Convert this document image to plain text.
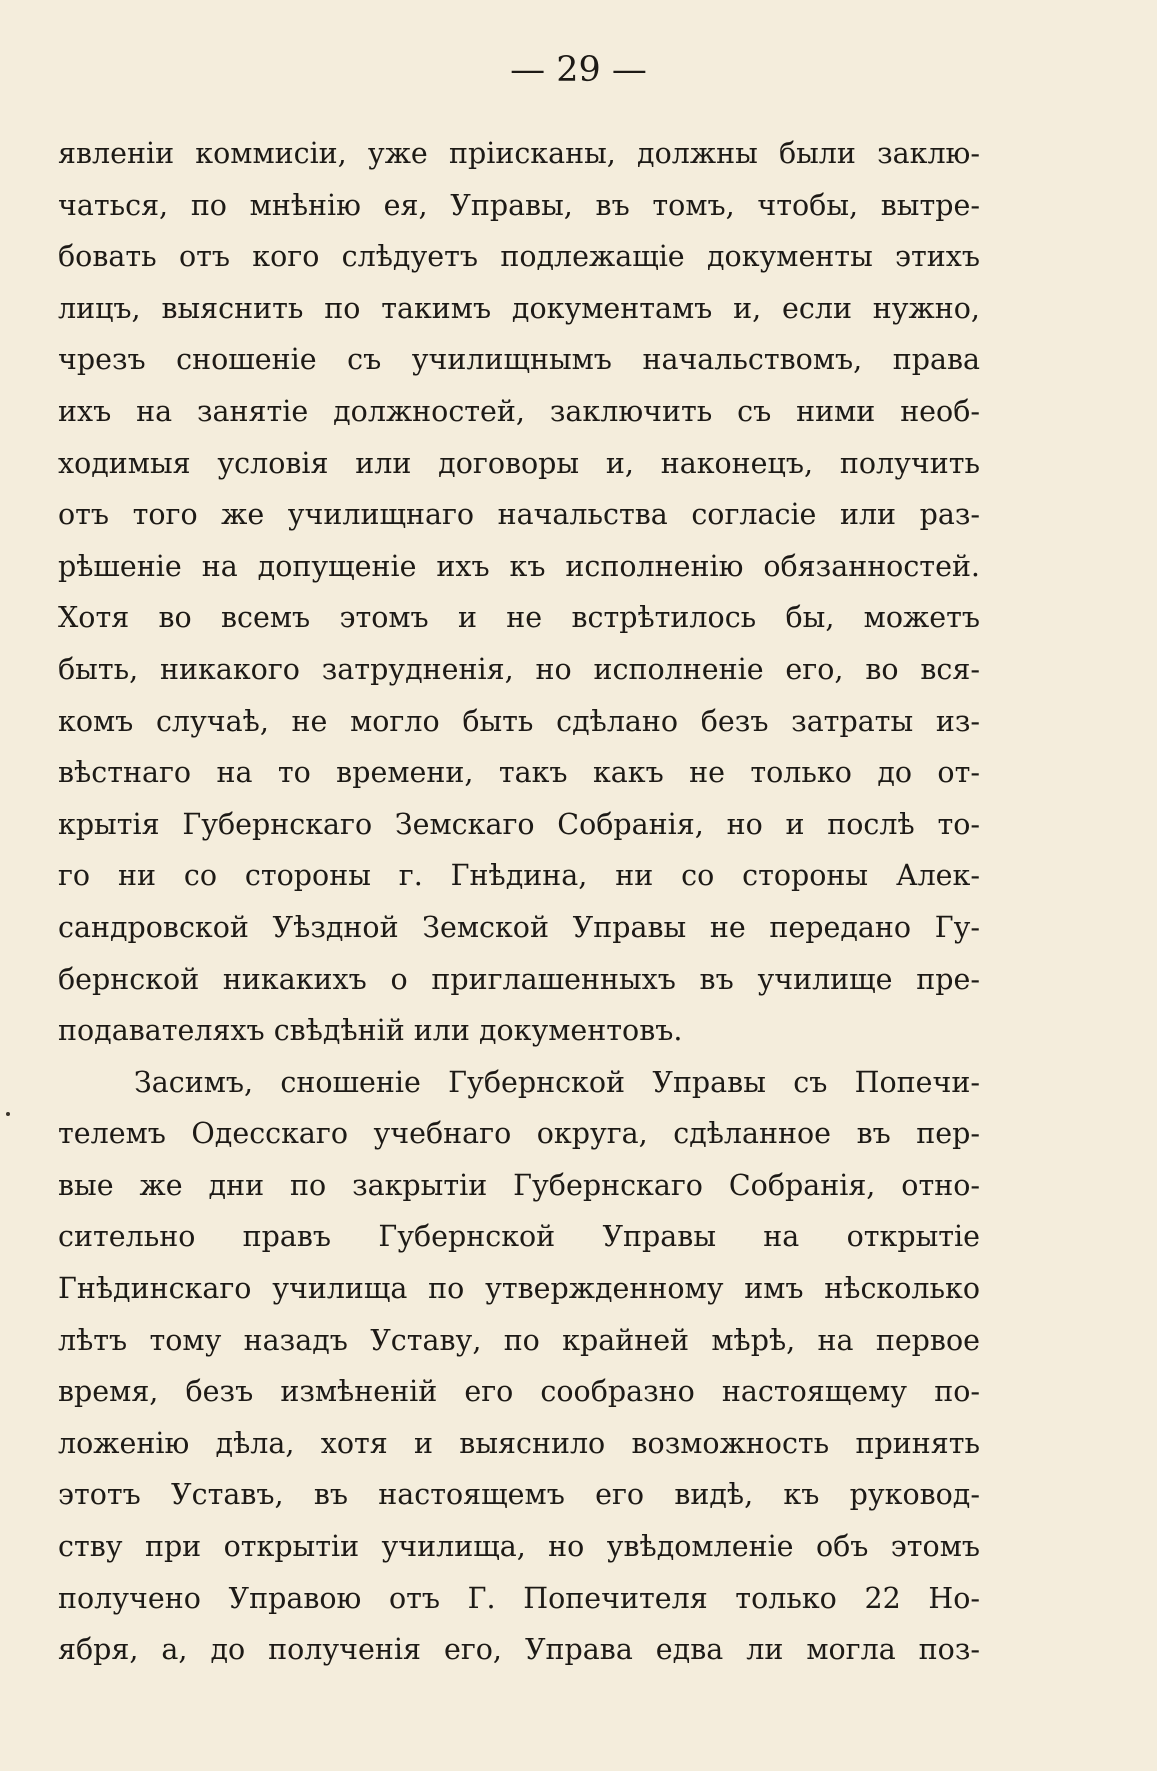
— 29 —
явленіи коммисіи, уже пріисканы, должны были заклю-
чаться, по мнѣнію ея, Управы, въ томъ, чтобы, вытре-
бовать отъ кого слѣдуетъ подлежащіе документы этихъ
лицъ, выяснить по такимъ документамъ и, если нужно,
чрезъ сношеніе съ училищнымъ начальствомъ, права
ихъ на занятіе должностей, заключить съ ними необ-
ходимыя условія или договоры и, наконецъ, получить
отъ того же училищнаго начальства согласіе или раз-
рѣшеніе на допущеніе ихъ къ исполненію обязанностей.
Хотя во всемъ этомъ и не встрѣтилось бы, можетъ
быть, никакого затрудненія, но исполненіе его, во вся-
комъ случаѣ, не могло быть сдѣлано безъ затраты из-
вѣстнаго на то времени, такъ какъ не только до от-
крытія Губернскаго Земскаго Собранія, но и послѣ то-
го ни со стороны г. Гнѣдина, ни со стороны Алек-
сандровской Уѣздной Земской Управы не передано Гу-
бернской никакихъ о приглашенныхъ въ училище пре-
подавателяхъ свѣдѣній или документовъ.
Засимъ, сношеніе Губернской Управы съ Попечи-
телемъ Одесскаго учебнаго округа, сдѣланное въ пер-
вые же дни по закрытіи Губернскаго Собранія, отно-
сительно правъ Губернской Управы на открытіе
Гнѣдинскаго училища по утвержденному имъ нѣсколько
лѣтъ тому назадъ Уставу, по крайней мѣрѣ, на первое
время, безъ измѣненій его сообразно настоящему по-
ложенію дѣла, хотя и выяснило возможность принять
этотъ Уставъ, въ настоящемъ его видѣ, къ руковод-
ству при открытіи училища, но увѣдомленіе объ этомъ
получено Управою отъ Г. Попечителя только 22 Но-
ября, а, до полученія его, Управа едва ли могла поз-
